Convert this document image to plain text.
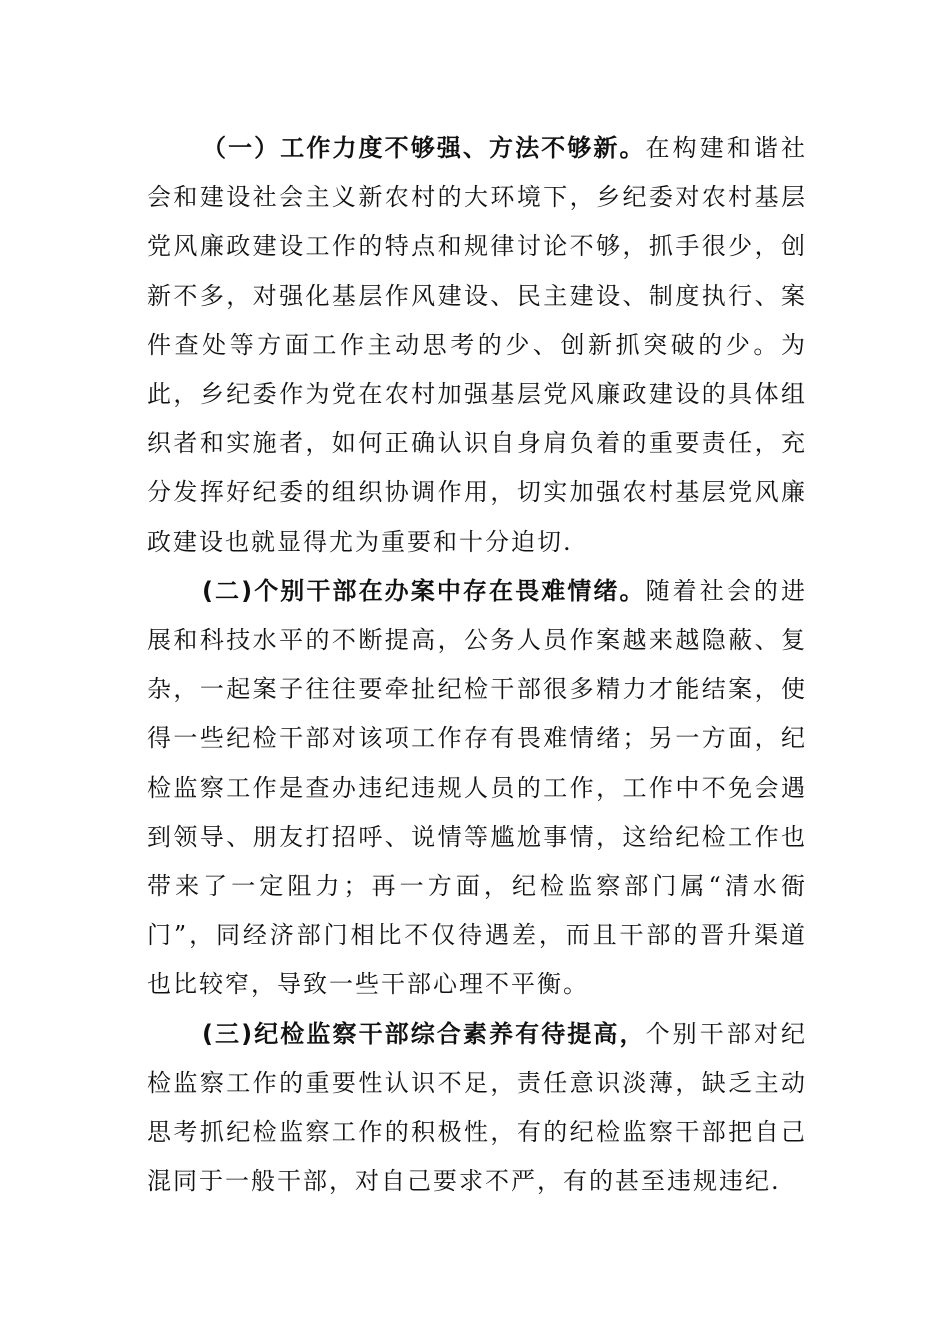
（一）工作力度不够强、方法不够新。在构建和谐社会和建设社会主义新农村的大环境下，乡纪委对农村基层党风廉政建设工作的特点和规律讨论不够，抓手很少，创新不多，对强化基层作风建设、民主建设、制度执行、案件查处等方面工作主动思考的少、创新抓突破的少。为此，乡纪委作为党在农村加强基层党风廉政建设的具体组织者和实施者，如何正确认识自身肩负着的重要责任，充分发挥好纪委的组织协调作用，切实加强农村基层党风廉政建设也就显得尤为重要和十分迫切.

(二)个别干部在办案中存在畏难情绪。随着社会的进展和科技水平的不断提高，公务人员作案越来越隐蔽、复杂，一起案子往往要牵扯纪检干部很多精力才能结案，使得一些纪检干部对该项工作存有畏难情绪；另一方面，纪检监察工作是查办违纪违规人员的工作，工作中不免会遇到领导、朋友打招呼、说情等尴尬事情，这给纪检工作也带来了一定阻力；再一方面，纪检监察部门属“清水衙门”，同经济部门相比不仅待遇差，而且干部的晋升渠道也比较窄，导致一些干部心理不平衡。

(三)纪检监察干部综合素养有待提高，个别干部对纪检监察工作的重要性认识不足，责任意识淡薄，缺乏主动思考抓纪检监察工作的积极性，有的纪检监察干部把自己混同于一般干部，对自己要求不严，有的甚至违规违纪.
